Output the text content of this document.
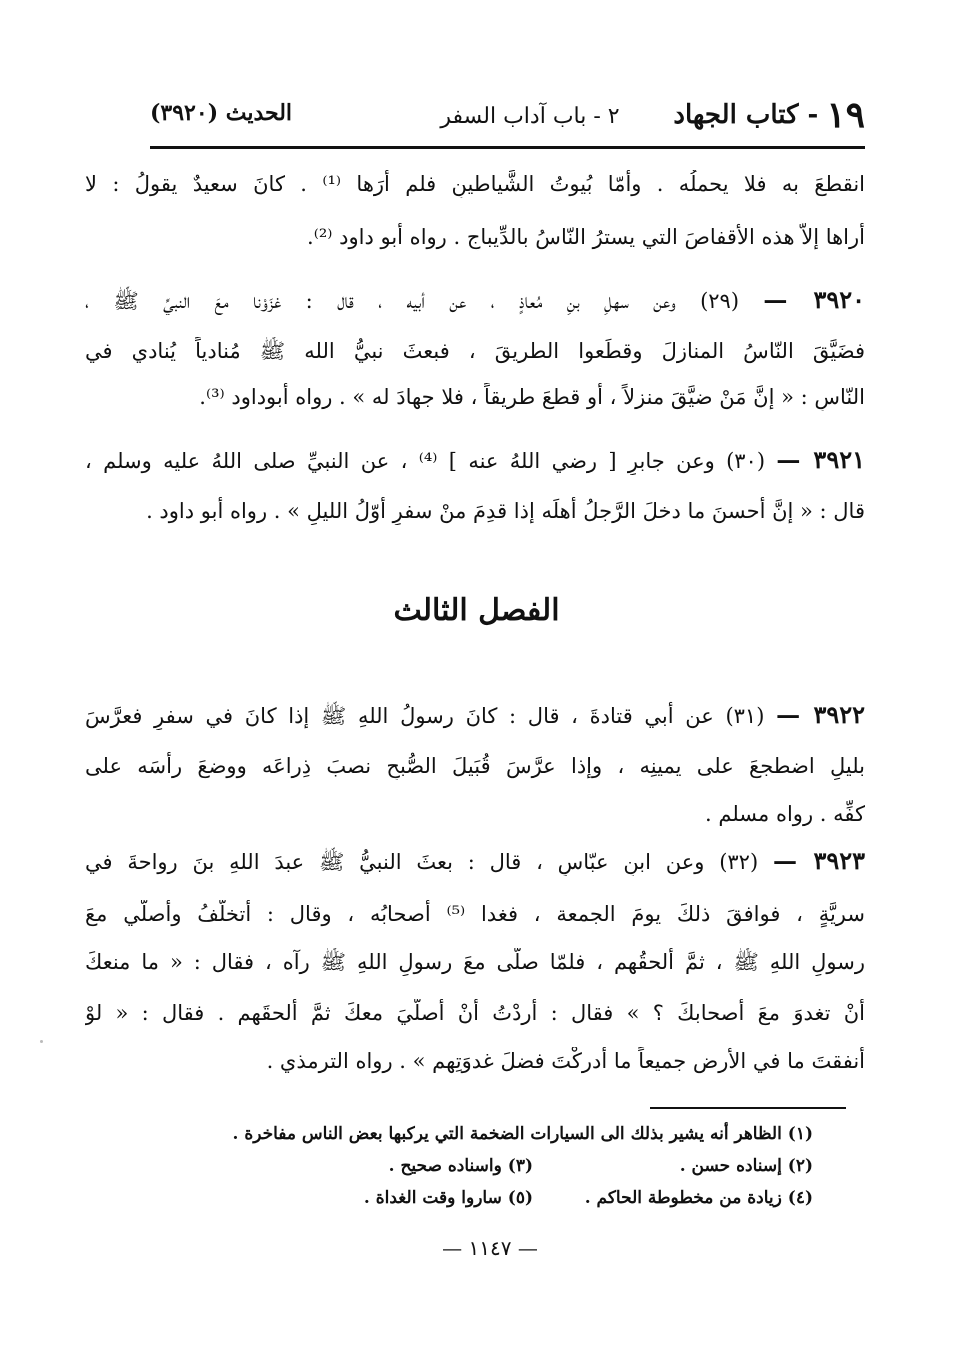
١٩- كتاب الجهاد
٢ - باب آداب السفر
الحديث (٣٩٢٠)
انقطعَ به فلا يحملُه . وأمّا بُيوتُ الشَّياطينِ فلم أرَها ⁽¹⁾ . كانَ سعيدٌ يقولُ : لا
أراها إلاّ هذه الأقفاصَ التي يسترُ النّاسُ بالدِّيباجِ . رواه أبو داود ⁽²⁾.
٣٩٢٠ — (٢٩) وعن سهلِ بنِ مُعاذٍ ، عن أبيه ، قال : غزَوْنا معَ النبيِّ ﷺ ،
فضَيَّقَ النّاسُ المنازلَ وقطَعوا الطريقَ ، فبعثَ نبيُّ الله ﷺ مُنادياً يُنادي في
النّاسِ : « إنَّ مَنْ ضيَّقَ منزلاً ، أو قطعَ طريقاً ، فلا جهادَ له » . رواه أبوداود ⁽³⁾.
٣٩٢١ — (٣٠) وعن جابرٍ [ رضي اللهُ عنه ] ⁽⁴⁾ ، عن النبيِّ صلى اللهُ عليه وسلم ،
قال : « إنَّ أحسنَ ما دخلَ الرَّجلُ أهلَه إذا قدِمَ منْ سفرٍ أوّلُ الليلِ » . رواه أبو داود .
الفصل الثالث
٣٩٢٢ — (٣١) عن أبي قتادةَ ، قال : كانَ رسولُ اللهِ ﷺ إذا كانَ في سفرٍ فعرَّسَ
بليلٍ اضطجعَ على يمينِه ، وإذا عرَّسَ قُبَيلَ الصُّبحِ نصبَ ذِراعَه ووضعَ رأسَه على
كفِّه . رواه مسلم .
٣٩٢٣ — (٣٢) وعن ابنِ عبّاسٍ ، قال : بعثَ النبيُّ ﷺ عبدَ اللهِ بنَ رواحةَ في
سريَّةٍ ، فوافقَ ذلكَ يومَ الجمعة ، فغدا ⁽⁵⁾ أصحابُه ، وقال : أتخلَّفُ وأُصلّي معَ
رسولِ اللهِ ﷺ ، ثمَّ ألحقُهم ، فلمّا صلّى معَ رسولِ اللهِ ﷺ رآه ، فقال : « ما منعكَ
أنْ تغدوَ معَ أصحابكَ ؟ » فقال : أردْتُ أنْ أُصلّيَ معكَ ثمَّ ألحقَهم . فقال : « لوْ
أنفقتَ ما في الأرضِ جميعاً ما أدركْتَ فضلَ غدوَتِهم » . رواه الترمذي .
(١) الظاهر أنه يشير بذلك الى السيارات الضخمة التي يركبها بعض الناس مفاخرة .
(٢) إسناده حسن .
(٣) واسناده صحيح .
(٤) زيادة من مخطوطة الحاكم .
(٥) ساروا وقت الغداة .
— ١١٤٧ —
